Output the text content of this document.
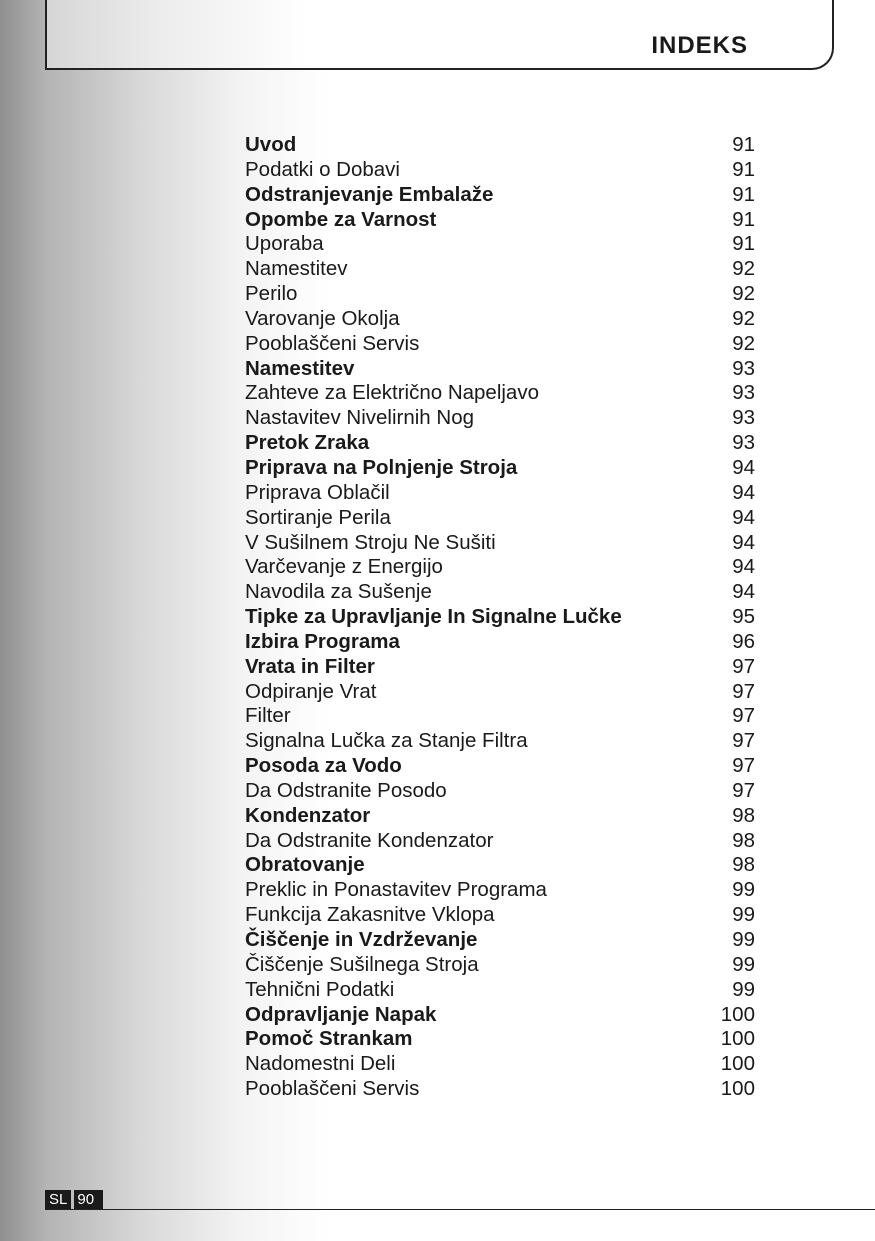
INDEKS
Uvod	91
Podatki o Dobavi	91
Odstranjevanje Embalaže	91
Opombe za Varnost	91
Uporaba	91
Namestitev	92
Perilo	92
Varovanje Okolja	92
Pooblaščeni Servis	92
Namestitev	93
Zahteve za Električno Napeljavo	93
Nastavitev Nivelirnih Nog	93
Pretok Zraka	93
Priprava na Polnjenje Stroja	94
Priprava Oblačil	94
Sortiranje Perila	94
V Sušilnem Stroju Ne Sušiti	94
Varčevanje z Energijo	94
Navodila za Sušenje	94
Tipke za Upravljanje In Signalne Lučke	95
Izbira Programa	96
Vrata in Filter	97
Odpiranje Vrat	97
Filter	97
Signalna Lučka za Stanje Filtra	97
Posoda za Vodo	97
Da Odstranite Posodo	97
Kondenzator	98
Da Odstranite Kondenzator	98
Obratovanje	98
Preklic in Ponastavitev Programa	99
Funkcija Zakasnitve Vklopa	99
Čiščenje in Vzdrževanje	99
Čiščenje Sušilnega Stroja	99
Tehnični Podatki	99
Odpravljanje Napak	100
Pomoč Strankam	100
Nadomestni Deli	100
Pooblaščeni Servis	100
SL 90
